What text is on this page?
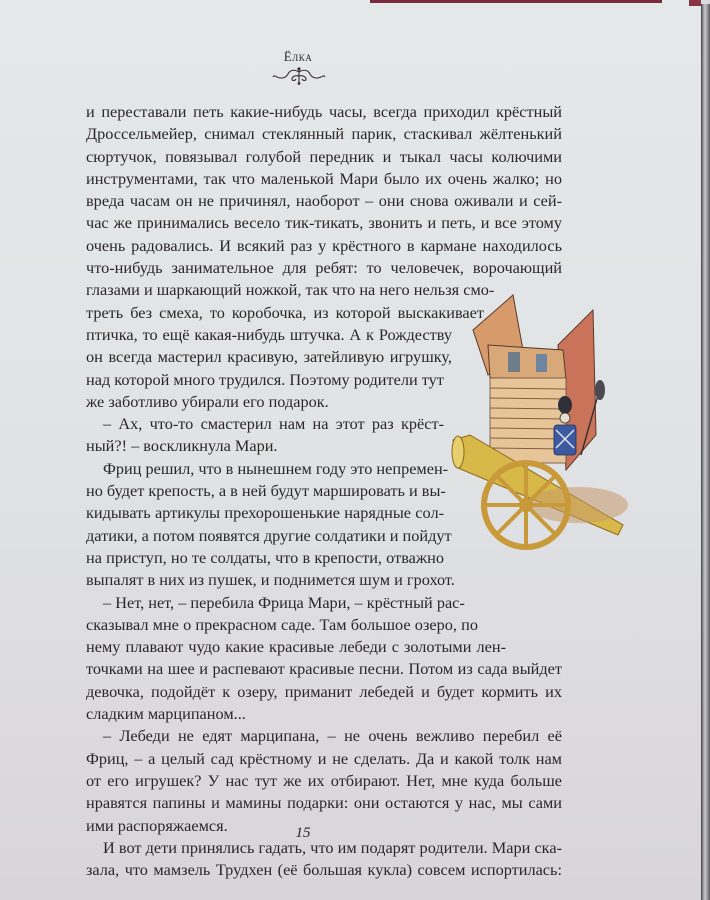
Ёлка
и переставали петь какие-нибудь часы, всегда приходил крёстный
Дроссельмейер, снимал стеклянный парик, стаскивал жёлтенький
сюртучок, повязывал голубой передник и тыкал часы колючими
инструментами, так что маленькой Мари было их очень жалко; но
вреда часам он не причинял, наоборот – они снова оживали и сей-
час же принимались весело тик-тикать, звонить и петь, и все этому
очень радовались. И всякий раз у крёстного в кармане находилось
что-нибудь занимательное для ребят: то человечек, ворочающий
глазами и шаркающий ножкой, так что на него нельзя смо-
треть без смеха, то коробочка, из которой выскакивает
птичка, то ещё какая-нибудь штучка. А к Рождеству
он всегда мастерил красивую, затейливую игрушку,
над которой много трудился. Поэтому родители тут
же заботливо убирали его подарок.
– Ах, что-то смастерил нам на этот раз крёст-
ный?! – воскликнула Мари.
Фриц решил, что в нынешнем году это непремен-
но будет крепость, а в ней будут маршировать и вы-
кидывать артикулы прехорошенькие нарядные сол-
датики, а потом появятся другие солдатики и пойдут
на приступ, но те солдаты, что в крепости, отважно
выпалят в них из пушек, и поднимется шум и грохот.
– Нет, нет, – перебила Фрица Мари, – крёстный рас-
сказывал мне о прекрасном саде. Там большое озеро, по
нему плавают чудо какие красивые лебеди с золотыми лен-
точками на шее и распевают красивые песни. Потом из сада выйдет
девочка, подойдёт к озеру, приманит лебедей и будет кормить их
сладким марципаном...
– Лебеди не едят марципана, – не очень вежливо перебил её
Фриц, – а целый сад крёстному и не сделать. Да и какой толк нам
от его игрушек? У нас тут же их отбирают. Нет, мне куда больше
нравятся папины и мамины подарки: они остаются у нас, мы сами
ими распоряжаемся.
И вот дети принялись гадать, что им подарят родители. Мари ска-
зала, что мамзель Трудхен (её большая кукла) совсем испортилась:
15
